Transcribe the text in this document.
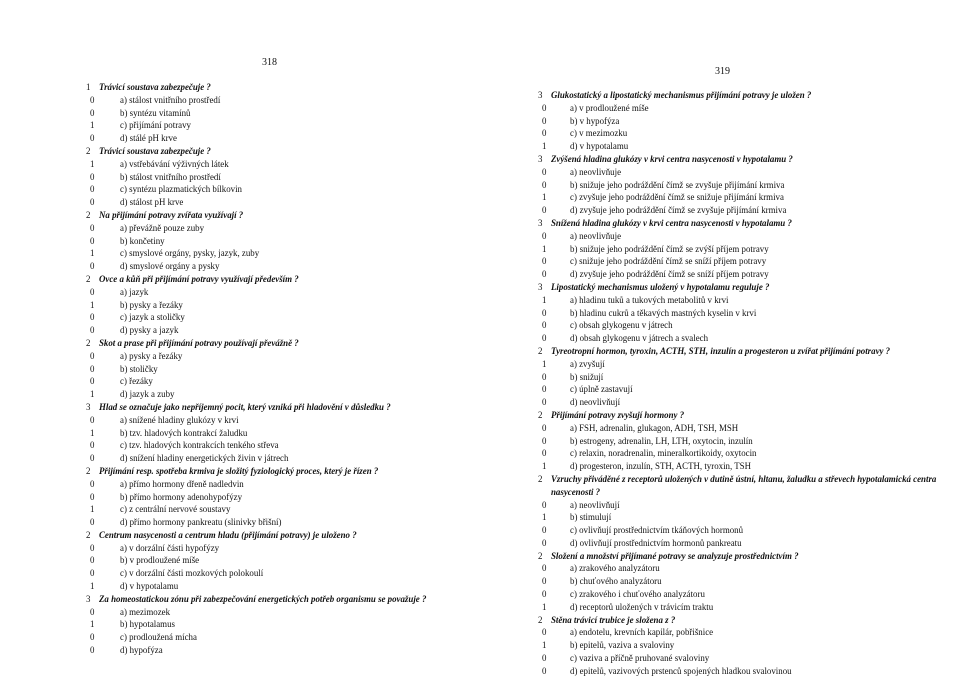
318
1 Trávicí soustava zabezpečuje ?
0	a) stálost vnitřního prostředí
0	b) syntézu vitamínů
1	c) přijímání potravy
0	d) stálé pH krve
2 Trávicí soustava zabezpečuje ?
1	a) vstřebávání výživných látek
0	b) stálost vnitřního prostředí
0	c) syntézu plazmatických bílkovin
0	d) stálost pH krve
2 Na přijímání potravy zvířata využívají ?
0	a) převážně pouze zuby
0	b) končetiny
1	c) smyslové orgány, pysky, jazyk, zuby
0	d) smyslové orgány a pysky
2 Ovce a kůň při přijímání potravy využívají především ?
0	a) jazyk
1	b) pysky a řezáky
0	c) jazyk a stoličky
0	d) pysky a jazyk
2 Skot a prase při přijímání potravy používají převážně ?
0	a) pysky a řezáky
0	b) stoličky
0	c) řezáky
1	d) jazyk a zuby
3 Hlad se označuje jako nepříjemný pocit, který vzniká při hladovění v důsledku ?
0	a) snížené hladiny glukózy v krvi
1	b) tzv. hladových kontrakcí žaludku
0	c) tzv. hladových kontrakcích tenkého střeva
0	d) snížení hladiny energetických živin v játrech
2 Přijímání resp. spotřeba krmiva je složitý fyziologický proces, který je řízen ?
0	a) přímo hormony dřeně nadledvin
0	b) přímo hormony adenohypofýzy
1	c) z centrální nervové soustavy
0	d) přímo hormony pankreatu (slinivky břišní)
2 Centrum nasycenosti a centrum hladu (přijímání potravy) je uloženo ?
0	a) v dorzální části hypofýzy
0	b) v prodloužené míše
0	c) v dorzální části mozkových polokoulí
1	d) v hypotalamu
3 Za homeostatickou zónu při zabezpečování energetických potřeb organismu se považuje ?
0	a) mezimozek
1	b) hypotalamus
0	c) prodloužená mícha
0	d) hypofýza
319
3 Glukostatický a lipostatický mechanismus přijímání potravy je uložen ?
0	a) v prodloužené míše
0	b) v hypofýza
0	c) v mezimozku
1	d) v hypotalamu
3 Zvýšená hladina glukózy v krvi centra nasycenosti v hypotalamu ?
0	a) neovlivňuje
0	b) snižuje jeho podráždění čímž se zvyšuje přijímání krmiva
1	c) zvyšuje jeho podráždění čímž se snižuje přijímání krmiva
0	d) zvyšuje jeho podráždění čímž se zvyšuje přijímání krmiva
3 Snížená hladina glukózy v krvi centra nasycenosti v hypotalamu ?
0	a) neovlivňuje
1	b) snižuje jeho podráždění čímž se zvýší příjem potravy
0	c) snižuje jeho podráždění čímž se sníží příjem potravy
0	d) zvyšuje jeho podráždění čímž se sníží příjem potravy
3 Lipostatický mechanismus uložený v hypotalamu reguluje ?
1	a) hladinu tuků a tukových metabolitů v krvi
0	b) hladinu cukrů a těkavých mastných kyselin v krvi
0	c) obsah glykogenu v játrech
0	d) obsah glykogenu v játrech a svalech
2 Tyreotropní hormon, tyroxin, ACTH, STH, inzulín a progesteron u zvířat přijímání potravy ?
1	a) zvyšují
0	b) snižují
0	c) úplně zastavují
0	d) neovlivňují
2 Přijímání potravy zvyšují hormony ?
0	a) FSH, adrenalin, glukagon, ADH, TSH, MSH
0	b) estrogeny, adrenalin, LH, LTH, oxytocin, inzulín
0	c) relaxin, noradrenalin, mineralkortikoidy, oxytocin
1	d) progesteron, inzulín, STH, ACTH, tyroxin, TSH
2 Vzruchy přiváděné z receptorů uložených v dutině ústní, hltanu, žaludku a střevech hypotalamická centra nasycenosti ?
0	a) neovlivňují
1	b) stimulují
0	c) ovlivňují prostřednictvím tkáňových hormonů
0	d) ovlivňují prostřednictvím hormonů pankreatu
2 Složení a množství přijímané potravy se analyzuje prostřednictvím ?
0	a) zrakového analyzátoru
0	b) chuťového analyzátoru
0	c) zrakového i chuťového analyzátoru
1	d) receptorů uložených v trávicím traktu
2 Stěna trávicí trubice je složena z ?
0	a) endotelu, krevních kapilár, pobřišnice
1	b) epitelů, vaziva a svaloviny
0	c) vaziva a příčně pruhované svaloviny
0	d) epitelů, vazivových prstenců spojených hladkou svalovinou
